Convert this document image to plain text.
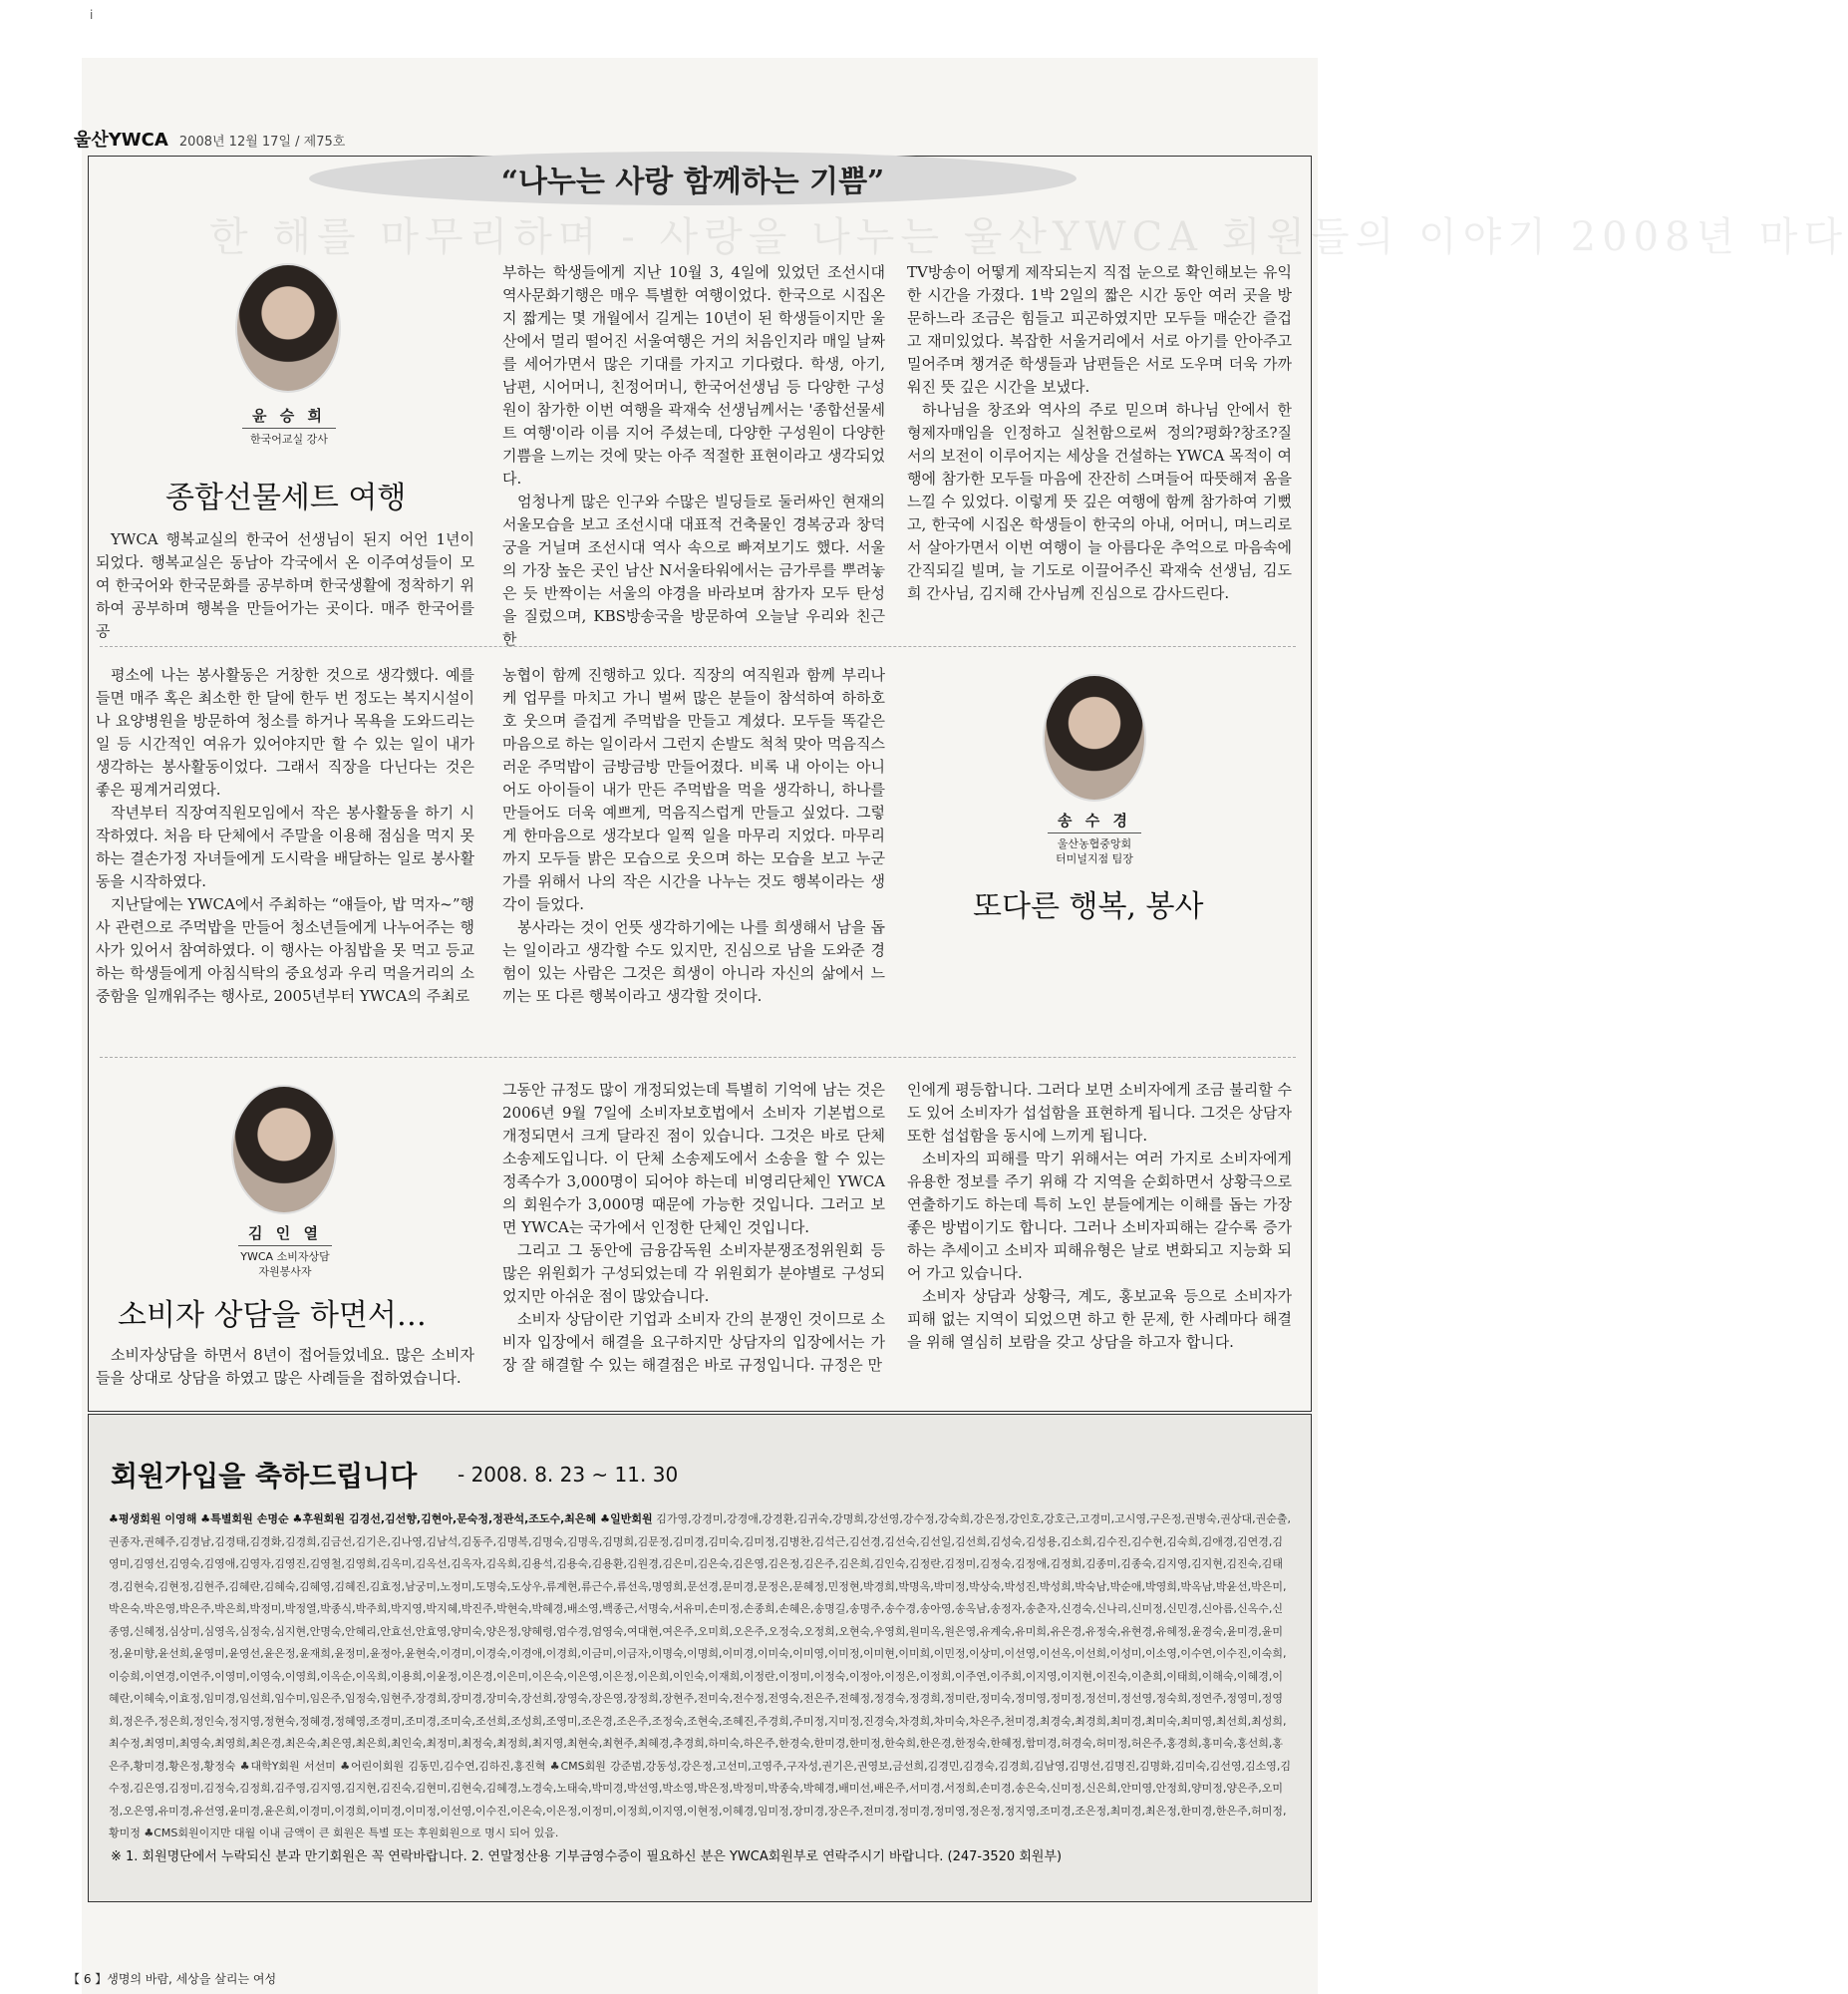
ⅰ
울산YWCA 2008년 12월 17일 / 제75호
한 해를 마무리하며 - 사랑을 나누는 울산YWCA 회원들의 이야기 2008년 마다
“나누는 사랑 함께하는 기쁨”
윤 승 희
한국어교실 강사
종합선물세트 여행

YWCA 행복교실의 한국어 선생님이 된지 어언 1년이 되었다. 행복교실은 동남아 각국에서 온 이주여성들이 모여 한국어와 한국문화를 공부하며 한국생활에 정착하기 위하여 공부하며 행복을 만들어가는 곳이다. 매주 한국어를 공

부하는 학생들에게 지난 10월 3, 4일에 있었던 조선시대 역사문화기행은 매우 특별한 여행이었다. 한국으로 시집온 지 짧게는 몇 개월에서 길게는 10년이 된 학생들이지만 울산에서 멀리 떨어진 서울여행은 거의 처음인지라 매일 날짜를 세어가면서 많은 기대를 가지고 기다렸다. 학생, 아기, 남편, 시어머니, 친정어머니, 한국어선생님 등 다양한 구성원이 참가한 이번 여행을 곽재숙 선생님께서는 '종합선물세트 여행'이라 이름 지어 주셨는데, 다양한 구성원이 다양한 기쁨을 느끼는 것에 맞는 아주 적절한 표현이라고 생각되었다.

엄청나게 많은 인구와 수많은 빌딩들로 둘러싸인 현재의 서울모습을 보고 조선시대 대표적 건축물인 경복궁과 창덕궁을 거닐며 조선시대 역사 속으로 빠져보기도 했다. 서울의 가장 높은 곳인 남산 N서울타워에서는 금가루를 뿌려놓은 듯 반짝이는 서울의 야경을 바라보며 참가자 모두 탄성을 질렀으며, KBS방송국을 방문하여 오늘날 우리와 친근한

TV방송이 어떻게 제작되는지 직접 눈으로 확인해보는 유익한 시간을 가졌다. 1박 2일의 짧은 시간 동안 여러 곳을 방문하느라 조금은 힘들고 피곤하였지만 모두들 매순간 즐겁고 재미있었다. 복잡한 서울거리에서 서로 아기를 안아주고 밀어주며 챙겨준 학생들과 남편들은 서로 도우며 더욱 가까워진 뜻 깊은 시간을 보냈다.

하나님을 창조와 역사의 주로 믿으며 하나님 안에서 한 형제자매임을 인정하고 실천함으로써 정의?평화?창조?질서의 보전이 이루어지는 세상을 건설하는 YWCA 목적이 여행에 참가한 모두들 마음에 잔잔히 스며들어 따뜻해져 옴을 느낄 수 있었다. 이렇게 뜻 깊은 여행에 함께 참가하여 기뻤고, 한국에 시집온 학생들이 한국의 아내, 어머니, 며느리로서 살아가면서 이번 여행이 늘 아름다운 추억으로 마음속에 간직되길 빌며, 늘 기도로 이끌어주신 곽재숙 선생님, 김도희 간사님, 김지해 간사님께 진심으로 감사드린다.

평소에 나는 봉사활동은 거창한 것으로 생각했다. 예를 들면 매주 혹은 최소한 한 달에 한두 번 정도는 복지시설이나 요양병원을 방문하여 청소를 하거나 목욕을 도와드리는 일 등 시간적인 여유가 있어야지만 할 수 있는 일이 내가 생각하는 봉사활동이었다. 그래서 직장을 다닌다는 것은 좋은 핑계거리였다.

작년부터 직장여직원모임에서 작은 봉사활동을 하기 시작하였다. 처음 타 단체에서 주말을 이용해 점심을 먹지 못하는 결손가정 자녀들에게 도시락을 배달하는 일로 봉사활동을 시작하였다.

지난달에는 YWCA에서 주최하는 “얘들아, 밥 먹자~”행사 관련으로 주먹밥을 만들어 청소년들에게 나누어주는 행사가 있어서 참여하였다. 이 행사는 아침밥을 못 먹고 등교하는 학생들에게 아침식탁의 중요성과 우리 먹을거리의 소중함을 일깨워주는 행사로, 2005년부터 YWCA의 주최로

농협이 함께 진행하고 있다. 직장의 여직원과 함께 부리나케 업무를 마치고 가니 벌써 많은 분들이 참석하여 하하호호 웃으며 즐겁게 주먹밥을 만들고 계셨다. 모두들 똑같은 마음으로 하는 일이라서 그런지 손발도 척척 맞아 먹음직스러운 주먹밥이 금방금방 만들어졌다. 비록 내 아이는 아니어도 아이들이 내가 만든 주먹밥을 먹을 생각하니, 하나를 만들어도 더욱 예쁘게, 먹음직스럽게 만들고 싶었다. 그렇게 한마음으로 생각보다 일찍 일을 마무리 지었다. 마무리까지 모두들 밝은 모습으로 웃으며 하는 모습을 보고 누군가를 위해서 나의 작은 시간을 나누는 것도 행복이라는 생각이 들었다.

봉사라는 것이 언뜻 생각하기에는 나를 희생해서 남을 돕는 일이라고 생각할 수도 있지만, 진심으로 남을 도와준 경험이 있는 사람은 그것은 희생이 아니라 자신의 삶에서 느끼는 또 다른 행복이라고 생각할 것이다.

송 수 경
울산농협중앙회
터미널지점 팀장
또다른 행복, 봉사
김 인 열
YWCA 소비자상담
자원봉사자
소비자 상담을 하면서…

소비자상담을 하면서 8년이 접어들었네요. 많은 소비자들을 상대로 상담을 하였고 많은 사례들을 접하였습니다.

그동안 규정도 많이 개정되었는데 특별히 기억에 남는 것은 2006년 9월 7일에 소비자보호법에서 소비자 기본법으로 개정되면서 크게 달라진 점이 있습니다. 그것은 바로 단체소송제도입니다. 이 단체 소송제도에서 소송을 할 수 있는 정족수가 3,000명이 되어야 하는데 비영리단체인 YWCA의 회원수가 3,000명 때문에 가능한 것입니다. 그러고 보면 YWCA는 국가에서 인정한 단체인 것입니다.

그리고 그 동안에 금융감독원 소비자분쟁조정위원회 등 많은 위원회가 구성되었는데 각 위원회가 분야별로 구성되었지만 아쉬운 점이 많았습니다.

소비자 상담이란 기업과 소비자 간의 분쟁인 것이므로 소비자 입장에서 해결을 요구하지만 상담자의 입장에서는 가장 잘 해결할 수 있는 해결점은 바로 규정입니다. 규정은 만

인에게 평등합니다. 그러다 보면 소비자에게 조금 불리할 수도 있어 소비자가 섭섭함을 표현하게 됩니다. 그것은 상담자 또한 섭섭함을 동시에 느끼게 됩니다.

소비자의 피해를 막기 위해서는 여러 가지로 소비자에게 유용한 정보를 주기 위해 각 지역을 순회하면서 상황극으로 연출하기도 하는데 특히 노인 분들에게는 이해를 돕는 가장 좋은 방법이기도 합니다. 그러나 소비자피해는 갈수록 증가하는 추세이고 소비자 피해유형은 날로 변화되고 지능화 되어 가고 있습니다.

소비자 상담과 상황극, 계도, 홍보교육 등으로 소비자가 피해 없는 지역이 되었으면 하고 한 문제, 한 사례마다 해결을 위해 열심히 보람을 갖고 상담을 하고자 합니다.

회원가입을 축하드립니다 - 2008. 8. 23 ~ 11. 30
♣평생회원 이영해 ♣특별회원 손명순 ♣후원회원 김경선,김선향,김현아,문숙정,정관석,조도수,최은혜 ♣일반회원 김가영,강경미,강경애,강경환,김귀숙,강명희,강선영,강수정,강숙희,강은정,강인호,강호근,고경미,고시영,구은정,권병숙,권상대,권순출,권종자,권혜주,김경남,김경태,김경화,김경희,김금선,김기은,김나영,김남석,김동주,김명복,김명숙,김명옥,김명희,김문정,김미경,김미숙,김미정,김병찬,김석근,김선경,김선숙,김선일,김선희,김성숙,김성용,김소희,김수진,김수현,김숙희,김애경,김연경,김영미,김영선,김영숙,김영애,김영자,김영진,김영철,김영희,김옥미,김옥선,김옥자,김옥희,김용석,김용숙,김용환,김원경,김은미,김은숙,김은영,김은정,김은주,김은희,김인숙,김정란,김정미,김정숙,김정애,김정희,김종미,김종숙,김지영,김지현,김진숙,김태경,김현숙,김현정,김현주,김혜란,김혜숙,김혜영,김혜진,김효정,남궁미,노정미,도명숙,도상우,류계현,류근수,류선옥,명영희,문선경,문미경,문정은,문혜정,민정현,박경희,박명옥,박미정,박상숙,박성진,박성희,박숙남,박순애,박영희,박옥남,박윤선,박은미,박은숙,박은영,박은주,박은희,박정미,박정열,박종식,박주희,박지영,박지혜,박진주,박현숙,박혜경,배소영,백종근,서명숙,서유미,손미정,손종희,손혜은,송명길,송명주,송수경,송아영,송옥남,송정자,송춘자,신경숙,신나리,신미정,신민경,신아름,신옥수,신종영,신혜정,심상미,심영옥,심정숙,심지현,안명숙,안혜리,안효선,안효영,양미숙,양은정,양혜령,엄수경,엄영숙,여대현,여은주,오미희,오은주,오정숙,오정희,오현숙,우영희,원미옥,원은영,유계숙,유미희,유은경,유정숙,유현경,유혜정,윤경숙,윤미경,윤미정,윤미향,윤선희,윤영미,윤영선,윤은정,윤재희,윤정미,윤정아,윤현숙,이경미,이경숙,이경애,이경희,이금미,이금자,이명숙,이명희,이미경,이미숙,이미영,이미정,이미현,이미희,이민정,이상미,이선영,이선옥,이선희,이성미,이소영,이수연,이수진,이숙희,이승희,이연경,이연주,이영미,이영숙,이영희,이옥순,이옥희,이용희,이윤정,이은경,이은미,이은숙,이은영,이은정,이은희,이인숙,이재희,이정란,이정미,이정숙,이정아,이정은,이정희,이주연,이주희,이지영,이지현,이진숙,이춘희,이태희,이해숙,이혜경,이혜란,이혜숙,이효정,임미경,임선희,임수미,임은주,임정숙,임현주,장경희,장미경,장미숙,장선희,장영숙,장은영,장정희,장현주,전미숙,전수정,전영숙,전은주,전혜정,정경숙,정경희,정미란,정미숙,정미영,정미정,정선미,정선영,정숙희,정연주,정영미,정영희,정은주,정은희,정인숙,정지영,정현숙,정혜경,정혜영,조경미,조미경,조미숙,조선희,조성희,조영미,조은경,조은주,조정숙,조현숙,조혜진,주경희,주미정,지미정,진경숙,차경희,차미숙,차은주,천미경,최경숙,최경희,최미경,최미숙,최미영,최선희,최성희,최수정,최영미,최영숙,최영희,최은경,최은숙,최은영,최은희,최인숙,최정미,최정숙,최정희,최지영,최현숙,최현주,최혜경,추경희,하미숙,하은주,한경숙,한미경,한미정,한숙희,한은경,한정숙,한혜정,함미경,허경숙,허미정,허은주,홍경희,홍미숙,홍선희,홍은주,황미경,황은정,황정숙 ♣대학Y회원 서선미 ♣어린이회원 김동민,김수연,김하진,홍진혁 ♣CMS회원 강준범,강동성,강은정,고선미,고영주,구자성,권기은,권영보,금선희,김경민,김경숙,김경희,김남영,김명선,김명진,김명화,김미숙,김선영,김소영,김수정,김은영,김정미,김정숙,김정희,김주영,김지영,김지현,김진숙,김현미,김현숙,김혜경,노경숙,노태숙,박미경,박선영,박소영,박은정,박정미,박종숙,박혜경,배미선,배은주,서미경,서정희,손미경,송은숙,신미정,신은희,안미영,안정희,양미정,양은주,오미정,오은영,유미경,유선영,윤미경,윤은희,이경미,이경희,이미경,이미정,이선영,이수진,이은숙,이은정,이정미,이정희,이지영,이현정,이혜경,임미정,장미경,장은주,전미경,정미경,정미영,정은정,정지영,조미경,조은정,최미경,최은정,한미경,한은주,허미정,황미정 ♣CMS회원이지만 대월 이내 금액이 큰 회원은 특별 또는 후원회원으로 명시 되어 있음.
※ 1. 회원명단에서 누락되신 분과 만기회원은 꼭 연락바랍니다. 2. 연말정산용 기부금영수증이 필요하신 분은 YWCA회원부로 연락주시기 바랍니다. (247-3520 회원부)
【 6 】생명의 바람, 세상을 살리는 여성
